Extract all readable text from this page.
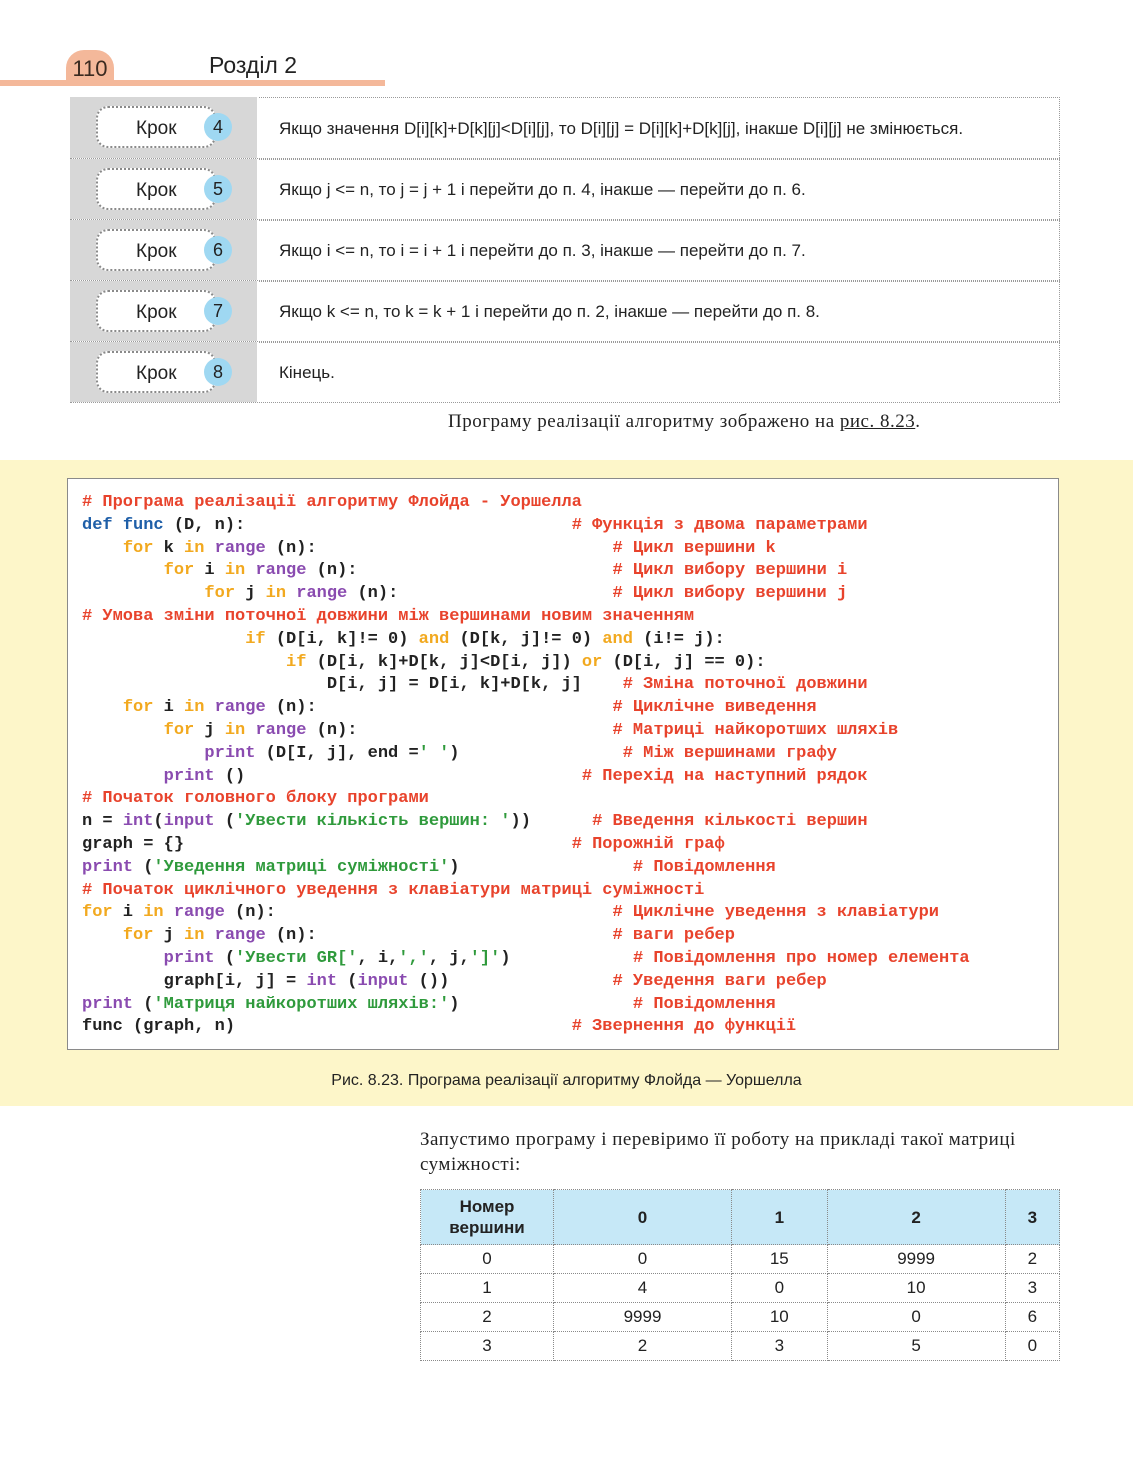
110	Розділ 2
Крок	4	Якщо значення D[i][k]+D[k][j]<D[i][j], то D[i][j] = D[i][k]+D[k][j], інакше D[i][j] не змінюється.
Крок	5	Якщо j <= n, то j = j + 1 і перейти до п. 4, інакше — перейти до п. 6.
Крок	6	Якщо i <= n, то i = i + 1 і перейти до п. 3, інакше — перейти до п. 7.
Крок	7	Якщо k <= n, то k = k + 1 і перейти до п. 2, інакше — перейти до п. 8.
Крок	8	Кінець.
Програму реалізації алгоритму зображено на рис. 8.23.
# Програма реалізації алгоритму Флойда - Уоршелла
def func (D, n):                                # Функція з двома параметрами
for k in range (n):                             # Цикл вершини k
for i in range (n):                         # Цикл вибору вершини i
for j in range (n):                     # Цикл вибору вершини j
# Умова зміни поточної довжини між вершинами новим значенням
if (D[i, k]!= 0) and (D[k, j]!= 0) and (i!= j):
if (D[i, k]+D[k, j]<D[i, j]) or (D[i, j] == 0):
D[i, j] = D[i, k]+D[k, j]    # Зміна поточної довжини
for i in range (n):                             # Циклічне виведення
for j in range (n):                         # Матриці найкоротших шляхів
print (D[I, j], end =' ')                # Між вершинами графу
print ()                                 # Перехід на наступний рядок
# Початок головного блоку програми
n = int(input ('Увести кількість вершин: '))      # Введення кількості вершин
graph = {}                                      # Порожній граф
print ('Уведення матриці суміжності')                 # Повідомлення
# Початок циклічного уведення з клавіатури матриці суміжності
for i in range (n):                                 # Циклічне уведення з клавіатури
for j in range (n):                             # ваги ребер
print ('Увести GR[', i,',', j,']')            # Повідомлення про номер елемента
graph[i, j] = int (input ())                # Уведення ваги ребер
print ('Матриця найкоротших шляхів:')                 # Повідомлення
func (graph, n)                                 # Звернення до функції
Рис. 8.23. Програма реалізації алгоритму Флойда — Уоршелла
Запустимо програму і перевіримо її роботу на прикладі такої матриці суміжності:
Номер вершини	0	1	2	3
0	0	15	9999	2
1	4	0	10	3
2	9999	10	0	6
3	2	3	5	0
